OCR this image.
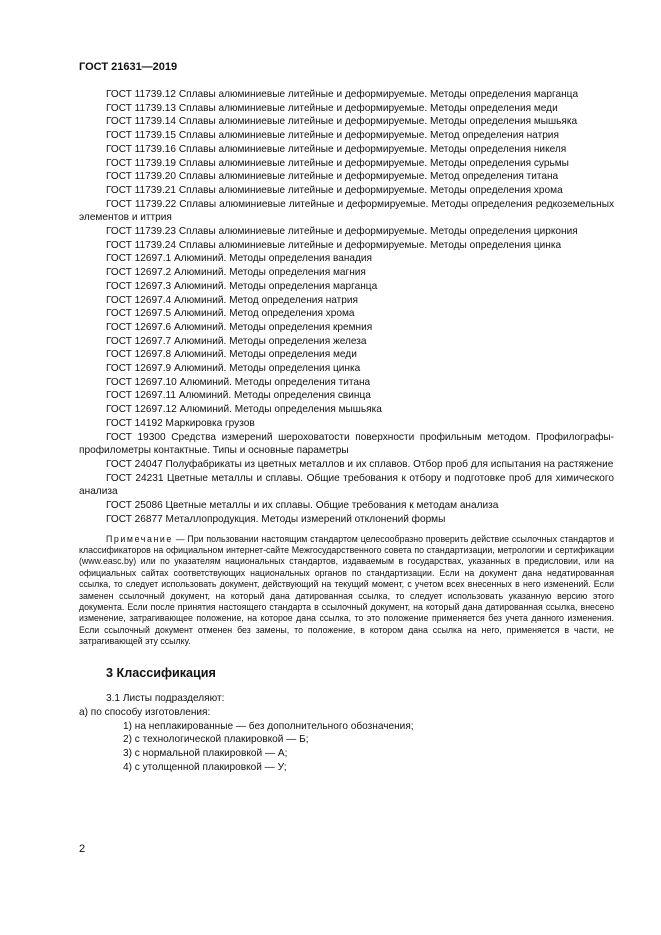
ГОСТ 21631—2019

ГОСТ 11739.12 Сплавы алюминиевые литейные и деформируемые. Методы определения марганца

ГОСТ 11739.13 Сплавы алюминиевые литейные и деформируемые. Методы определения меди

ГОСТ 11739.14 Сплавы алюминиевые литейные и деформируемые. Методы определения мышьяка

ГОСТ 11739.15 Сплавы алюминиевые литейные и деформируемые. Метод определения натрия

ГОСТ 11739.16 Сплавы алюминиевые литейные и деформируемые. Методы определения никеля

ГОСТ 11739.19 Сплавы алюминиевые литейные и деформируемые. Методы определения сурьмы

ГОСТ 11739.20 Сплавы алюминиевые литейные и деформируемые. Метод определения титана

ГОСТ 11739.21 Сплавы алюминиевые литейные и деформируемые. Методы определения хрома

ГОСТ 11739.22 Сплавы алюминиевые литейные и деформируемые. Методы определения редкоземельных элементов и иттрия

ГОСТ 11739.23 Сплавы алюминиевые литейные и деформируемые. Методы определения циркония

ГОСТ 11739.24 Сплавы алюминиевые литейные и деформируемые. Методы определения цинка

ГОСТ 12697.1 Алюминий. Методы определения ванадия

ГОСТ 12697.2 Алюминий. Методы определения магния

ГОСТ 12697.3 Алюминий. Методы определения марганца

ГОСТ 12697.4 Алюминий. Метод определения натрия

ГОСТ 12697.5 Алюминий. Метод определения хрома

ГОСТ 12697.6 Алюминий. Методы определения кремния

ГОСТ 12697.7 Алюминий. Методы определения железа

ГОСТ 12697.8 Алюминий. Методы определения меди

ГОСТ 12697.9 Алюминий. Методы определения цинка

ГОСТ 12697.10 Алюминий. Методы определения титана

ГОСТ 12697.11 Алюминий. Методы определения свинца

ГОСТ 12697.12 Алюминий. Методы определения мышьяка

ГОСТ 14192 Маркировка грузов

ГОСТ 19300 Средства измерений шероховатости поверхности профильным методом. Профилографы-профилометры контактные. Типы и основные параметры

ГОСТ 24047 Полуфабрикаты из цветных металлов и их сплавов. Отбор проб для испытания на растяжение

ГОСТ 24231 Цветные металлы и сплавы. Общие требования к отбору и подготовке проб для химического анализа

ГОСТ 25086 Цветные металлы и их сплавы. Общие требования к методам анализа

ГОСТ 26877 Металлопродукция. Методы измерений отклонений формы

Примечание — При пользовании настоящим стандартом целесообразно проверить действие ссылочных стандартов и классификаторов на официальном интернет-сайте Межгосударственного совета по стандартизации, метрологии и сертификации (www.easc.by) или по указателям национальных стандартов, издаваемым в государствах, указанных в предисловии, или на официальных сайтах соответствующих национальных органов по стандартизации. Если на документ дана недатированная ссылка, то следует использовать документ, действующий на текущий момент, с учетом всех внесенных в него изменений. Если заменен ссылочный документ, на который дана датированная ссылка, то следует использовать указанную версию этого документа. Если после принятия настоящего стандарта в ссылочный документ, на который дана датированная ссылка, внесено изменение, затрагивающее положение, на которое дана ссылка, то это положение применяется без учета данного изменения. Если ссылочный документ отменен без замены, то положение, в котором дана ссылка на него, применяется в части, не затрагивающей эту ссылку.

3 Классификация

3.1 Листы подразделяют:

а) по способу изготовления:

1) на неплакированные — без дополнительного обозначения;

2) с технологической плакировкой — Б;

3) с нормальной плакировкой — А;

4) с утолщенной плакировкой — У;

2
